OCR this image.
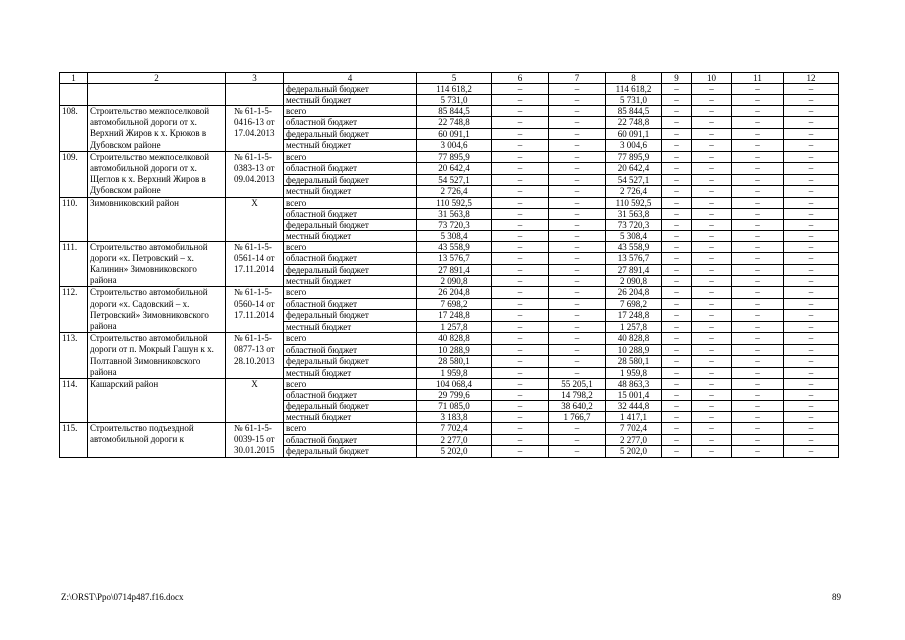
1	2	3	4	5	6	7	8	9	10	11	12
			федеральный бюджет	114 618,2	–	–	114 618,2	–	–	–	–
			местный бюджет	5 731,0	–	–	5 731,0	–	–	–	–
108.	Строительство межпоселковой автомобильной дороги от х. Верхний Жиров к х. Крюков в Дубовском районе	№ 61-1-5-0416-13 от 17.04.2013	всего	85 844,5	–	–	85 844,5	–	–	–	–
			областной бюджет	22 748,8	–	–	22 748,8	–	–	–	–
			федеральный бюджет	60 091,1	–	–	60 091,1	–	–	–	–
			местный бюджет	3 004,6	–	–	3 004,6	–	–	–	–
109.	Строительство межпоселковой автомобильной дороги от х. Щеглов к х. Верхний Жиров в Дубовском районе	№ 61-1-5-0383-13 от 09.04.2013	всего	77 895,9	–	–	77 895,9	–	–	–	–
			областной бюджет	20 642,4	–	–	20 642,4	–	–	–	–
			федеральный бюджет	54 527,1	–	–	54 527,1	–	–	–	–
			местный бюджет	2 726,4	–	–	2 726,4	–	–	–	–
110.	Зимовниковский район	Х	всего	110 592,5	–	–	110 592,5	–	–	–	–
			областной бюджет	31 563,8	–	–	31 563,8	–	–	–	–
			федеральный бюджет	73 720,3	–	–	73 720,3	–	–	–	–
			местный бюджет	5 308,4	–	–	5 308,4	–	–	–	–
111.	Строительство автомобильной дороги «х. Петровский – х. Калинин» Зимовниковского района	№ 61-1-5-0561-14 от 17.11.2014	всего	43 558,9	–	–	43 558,9	–	–	–	–
			областной бюджет	13 576,7	–	–	13 576,7	–	–	–	–
			федеральный бюджет	27 891,4	–	–	27 891,4	–	–	–	–
			местный бюджет	2 090,8	–	–	2 090,8	–	–	–	–
112.	Строительство автомобильной дороги «х. Садовский – х. Петровский» Зимовниковского района	№ 61-1-5-0560-14 от 17.11.2014	всего	26 204,8	–	–	26 204,8	–	–	–	–
			областной бюджет	7 698,2	–	–	7 698,2	–	–	–	–
			федеральный бюджет	17 248,8	–	–	17 248,8	–	–	–	–
			местный бюджет	1 257,8	–	–	1 257,8	–	–	–	–
113.	Строительство автомобильной дороги от п. Мокрый Гашун к х. Полтавной Зимовниковского района	№ 61-1-5-0877-13 от 28.10.2013	всего	40 828,8	–	–	40 828,8	–	–	–	–
			областной бюджет	10 288,9	–	–	10 288,9	–	–	–	–
			федеральный бюджет	28 580,1	–	–	28 580,1	–	–	–	–
			местный бюджет	1 959,8	–	–	1 959,8	–	–	–	–
114.	Кашарский район	Х	всего	104 068,4	–	55 205,1	48 863,3	–	–	–	–
			областной бюджет	29 799,6	–	14 798,2	15 001,4	–	–	–	–
			федеральный бюджет	71 085,0	–	38 640,2	32 444,8	–	–	–	–
			местный бюджет	3 183,8	–	1 766,7	1 417,1	–	–	–	–
115.	Строительство подъездной автомобильной дороги к	№ 61-1-5-0039-15 от 30.01.2015	всего	7 702,4	–	–	7 702,4	–	–	–	–
			областной бюджет	2 277,0	–	–	2 277,0	–	–	–	–
			федеральный бюджет	5 202,0	–	–	5 202,0	–	–	–	–
Z:\ORST\Ppo\0714p487.f16.docx	89
